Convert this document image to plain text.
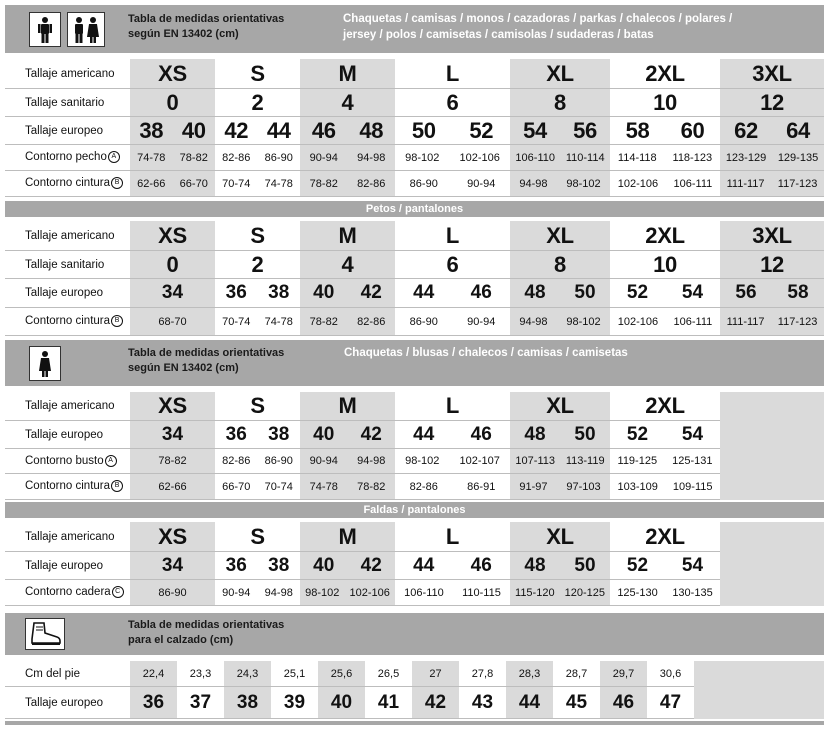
Tabla de medidas orientativas
según EN 13402 (cm)
Chaquetas / camisas / monos / cazadoras / parkas / chalecos / polares /
jersey / polos / camisetas / camisolas / sudaderas / batas
Tallaje americano	XS	S	M	L	XL	2XL	3XL
Tallaje sanitario	0	2	4	6	8	10	12
Tallaje europeo	38 40	42 44	46 48	50 52	54 56	58 60	62 64

Contorno pecho A	74-78 78-82	82-86 86-90	90-94 94-98	98-102 102-106	106-110 110-114	114-118 118-123	123-129 129-135

Contorno cintura B	62-66 66-70	70-74 74-78	78-82 82-86	86-90 90-94	94-98 98-102	102-106 106-111	111-117 117-123
Petos / pantalones
Tallaje americano	XS	S	M	L	XL	2XL	3XL
Tallaje sanitario	0	2	4	6	8	10	12
Tallaje europeo	34	36 38	40 42	44 46	48 50	52 54	56 58

Contorno cintura B	68-70	70-74 74-78	78-82 82-86	86-90 90-94	94-98 98-102	102-106 106-111	111-117 117-123
Tabla de medidas orientativas
según EN 13402 (cm)
Chaquetas / blusas / chalecos / camisas / camisetas
Tallaje americano	XS	S	M	L	XL	2XL	
Tallaje europeo	34	36 38	40 42	44 46	48 50	52 54	

Contorno busto A	78-82	82-86 86-90	90-94 94-98	98-102 102-107	107-113 113-119	119-125 125-131	

Contorno cintura B	62-66	66-70 70-74	74-78 78-82	82-86 86-91	91-97 97-103	103-109 109-115	

Faldas / pantalones
Tallaje americano	XS	S	M	L	XL	2XL	
Tallaje europeo	34	36 38	40 42	44 46	48 50	52 54	

Contorno cadera C	86-90	90-94 94-98	98-102 102-106	106-110 110-115	115-120 120-125	125-130 130-135	

Tabla de medidas orientativas
para el calzado (cm)
Cm del pie	22,4	23,3	24,3	25,1	25,6	26,5	27	27,8	28,3	28,7	29,7	30,6	
Tallaje europeo	36	37	38	39	40	41	42	43	44	45	46	47	
